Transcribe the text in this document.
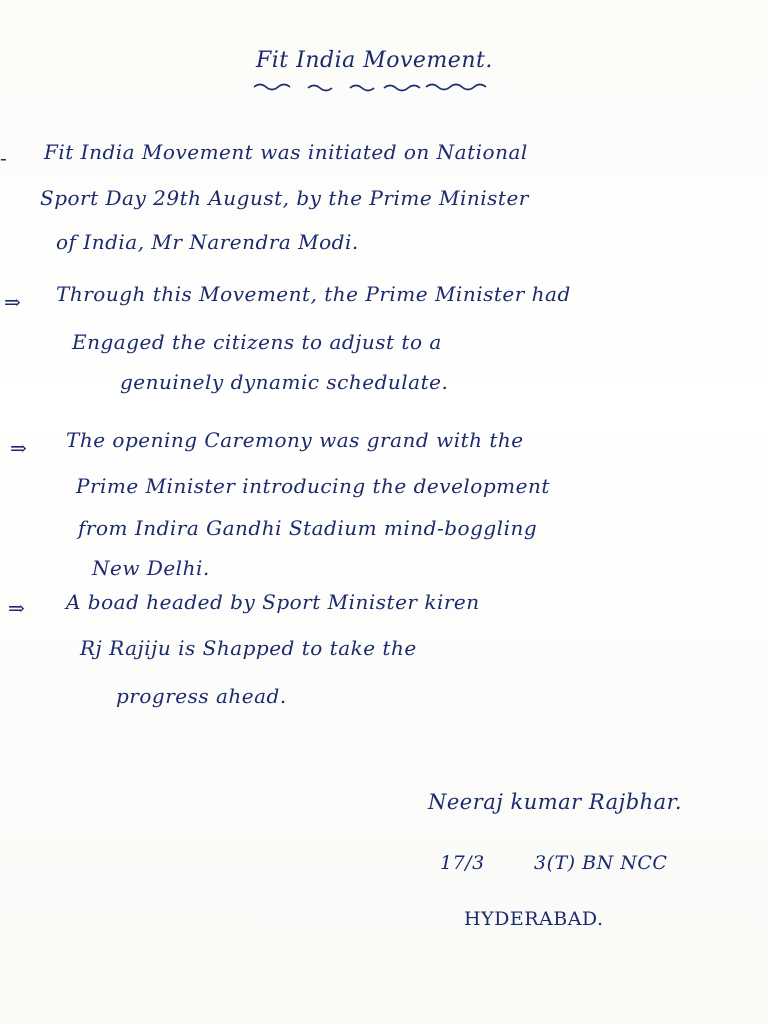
Fit India Movement.
- Fit India Movement was initiated on National
Sport Day 29th August, by the Prime Minister
of India, Mr Narendra Modi.
⇒ Through this Movement, the Prime Minister had
Engaged the citizens to adjust to a
genuinely dynamic schedulate.
⇒ The opening Caremony was grand with the
Prime Minister introducing the development
from Indira Gandhi Stadium mind-boggling
New Delhi.
⇒ A boad headed by Sport Minister kiren
Rj Rajiju is Shapped to take the
progress ahead.
Neeraj kumar Rajbhar.
17/3	3(T) BN NCC
HYDERABAD.
